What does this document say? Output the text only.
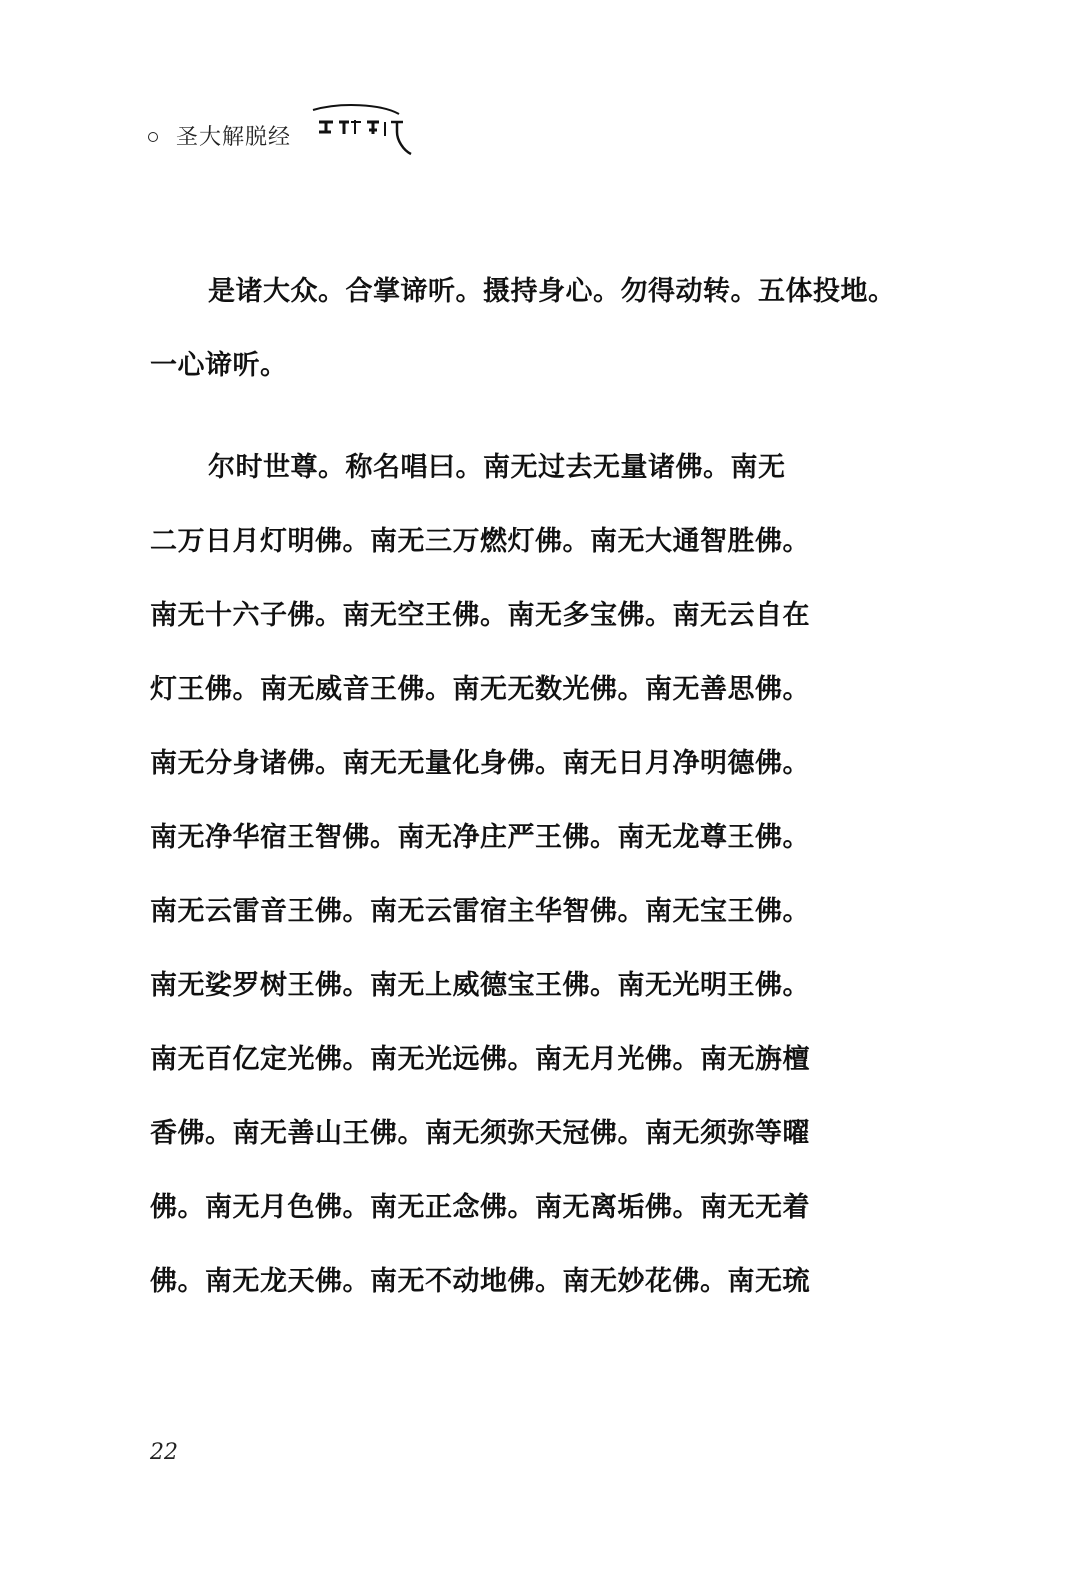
圣大解脱经

是诸大众。合掌谛听。摄持身心。勿得动转。五体投地。
一心谛听。

尔时世尊。称名唱曰。南无过去无量诸佛。南无
二万日月灯明佛。南无三万燃灯佛。南无大通智胜佛。
南无十六子佛。南无空王佛。南无多宝佛。南无云自在
灯王佛。南无威音王佛。南无无数光佛。南无善思佛。
南无分身诸佛。南无无量化身佛。南无日月净明德佛。
南无净华宿王智佛。南无净庄严王佛。南无龙尊王佛。
南无云雷音王佛。南无云雷宿主华智佛。南无宝王佛。
南无娑罗树王佛。南无上威德宝王佛。南无光明王佛。
南无百亿定光佛。南无光远佛。南无月光佛。南无旃檀
香佛。南无善山王佛。南无须弥天冠佛。南无须弥等曜
佛。南无月色佛。南无正念佛。南无离垢佛。南无无着
佛。南无龙天佛。南无不动地佛。南无妙花佛。南无琉

22
